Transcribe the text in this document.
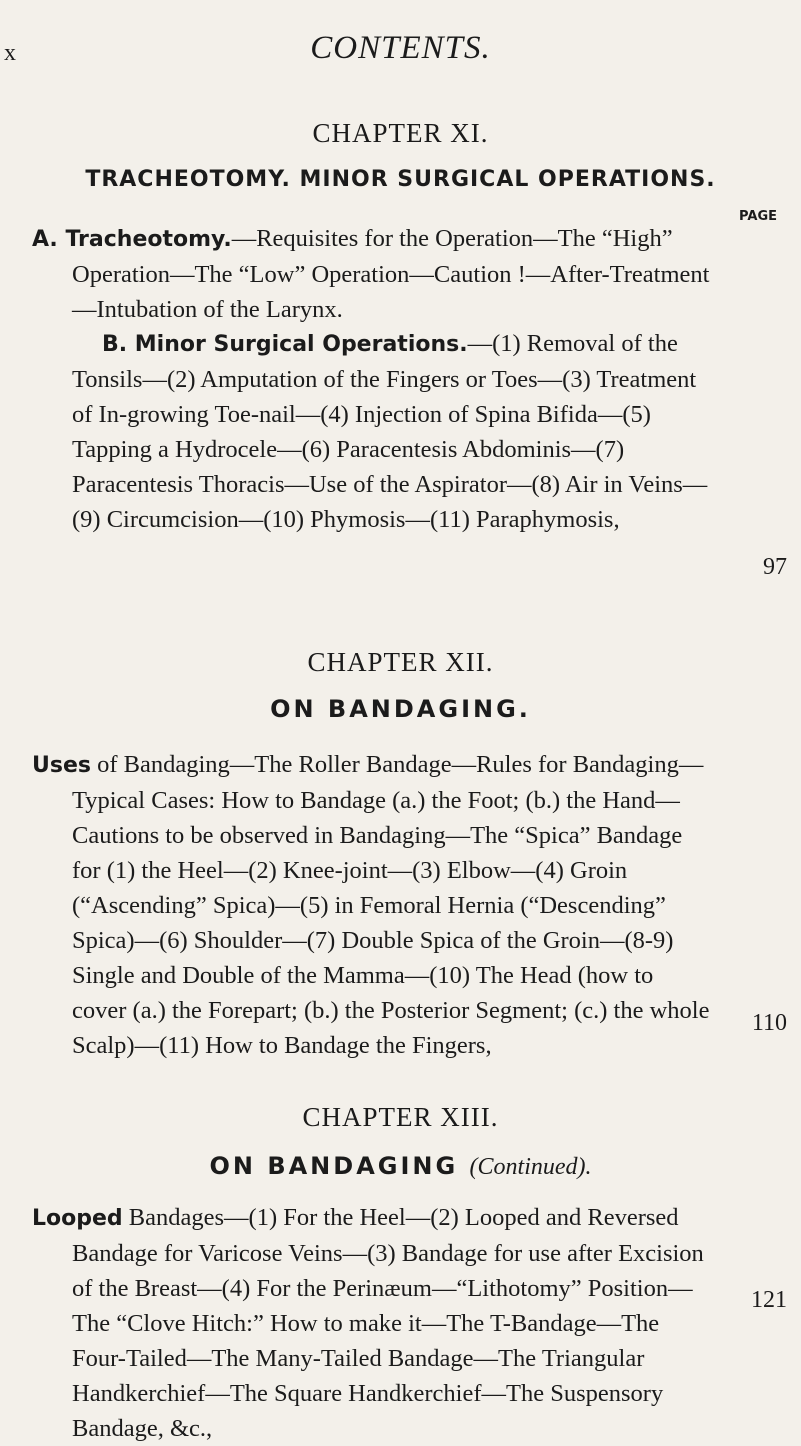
x	CONTENTS.
CHAPTER XI.
TRACHEOTOMY. MINOR SURGICAL OPERATIONS.
PAGE

A. Tracheotomy.—Requisites for the Operation—The “High” Operation—The “Low” Operation—Caution !—After-Treatment—Intubation of the Larynx.

B. Minor Surgical Operations.—(1) Removal of the Tonsils—(2) Amputation of the Fingers or Toes—(3) Treatment of In-growing Toe-nail—(4) Injection of Spina Bifida—(5) Tapping a Hydrocele—(6) Paracentesis Abdominis—(7) Paracentesis Thoracis—Use of the Aspirator—(8) Air in Veins—(9) Circumcision—(10) Phymosis—(11) Paraphymosis,

97
CHAPTER XII.
ON BANDAGING.

Uses of Bandaging—The Roller Bandage—Rules for Bandaging—Typical Cases: How to Bandage (a.) the Foot; (b.) the Hand—Cautions to be observed in Bandaging—The “Spica” Bandage for (1) the Heel—(2) Knee-joint—(3) Elbow—(4) Groin (“Ascending” Spica)—(5) in Femoral Hernia (“Descending” Spica)—(6) Shoulder—(7) Double Spica of the Groin—(8-9) Single and Double of the Mamma—(10) The Head (how to cover (a.) the Forepart; (b.) the Posterior Segment; (c.) the whole Scalp)—(11) How to Bandage the Fingers,

110
CHAPTER XIII.
ON BANDAGING (Continued).

Looped Bandages—(1) For the Heel—(2) Looped and Reversed Bandage for Varicose Veins—(3) Bandage for use after Excision of the Breast—(4) For the Perinæum—“Lithotomy” Position—The “Clove Hitch:” How to make it—The T-Bandage—The Four-Tailed—The Many-Tailed Bandage—The Triangular Handkerchief—The Square Handkerchief—The Suspensory Bandage, &c.,

121
